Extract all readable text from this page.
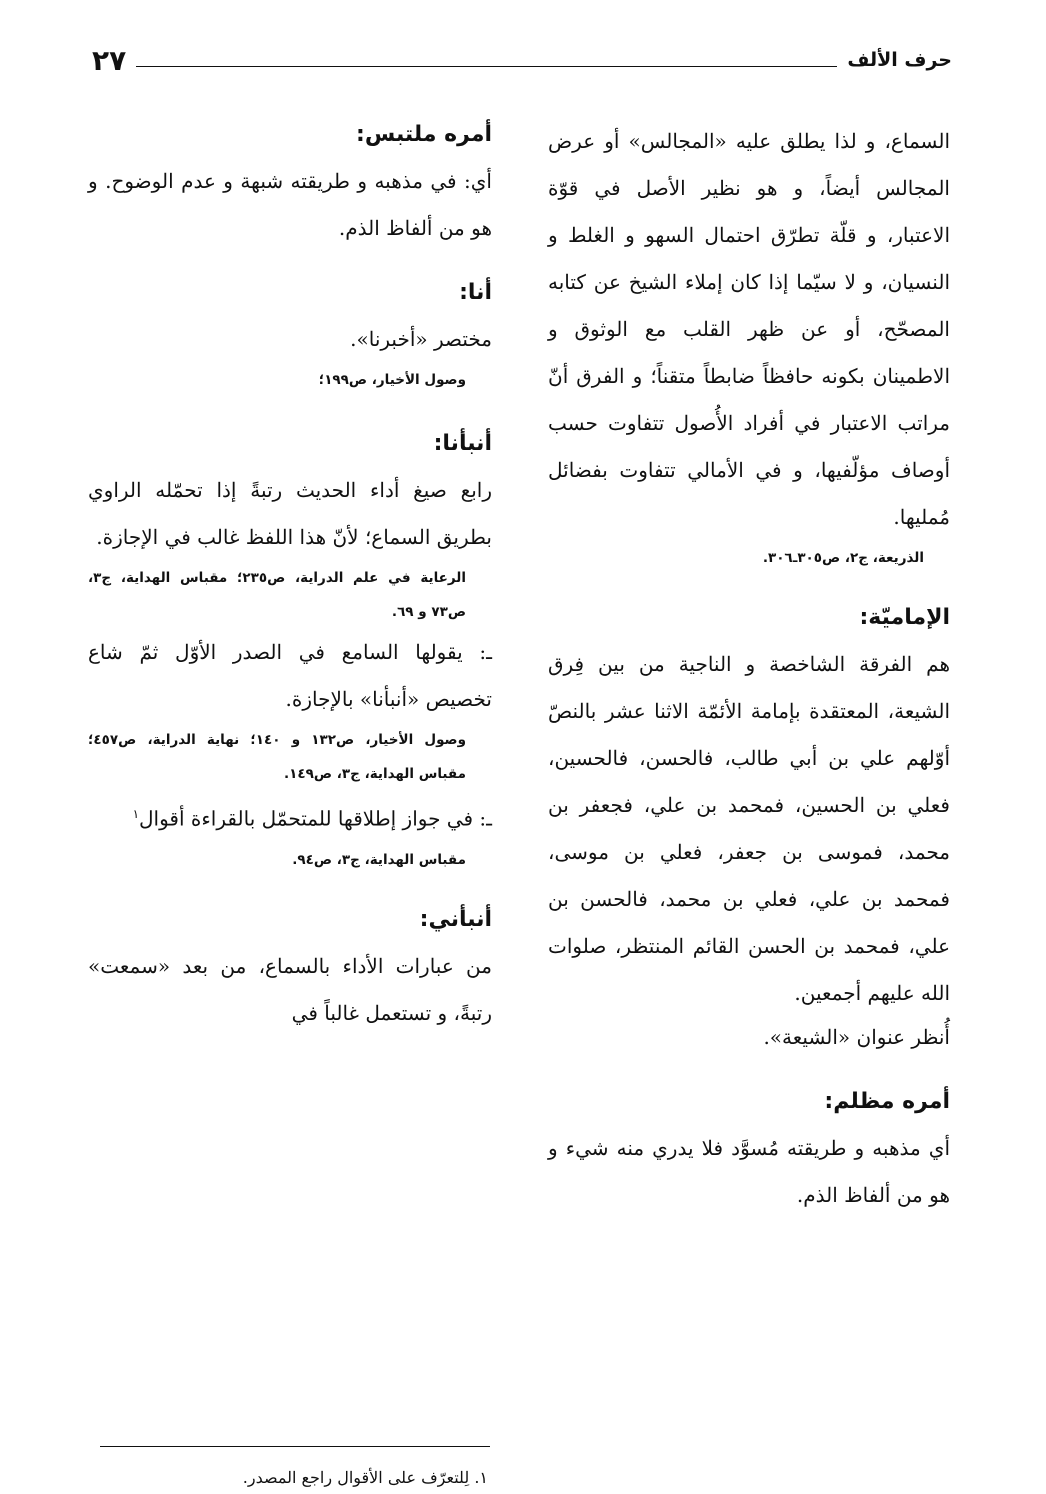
حرف الألف
٢٧

السماع، و لذا يطلق عليه «المجالس» أو عرض المجالس أيضاً، و هو نظير الأصل في قوّة الاعتبار، و قلّة تطرّق احتمال السهو و الغلط و النسيان، و لا سيّما إذا كان إملاء الشيخ عن كتابه المصحّح، أو عن ظهر القلب مع الوثوق و الاطمينان بكونه حافظاً ضابطاً متقناً؛ و الفرق أنّ مراتب الاعتبار في أفراد الأُصول تتفاوت حسب أوصاف مؤلّفيها، و في الأمالي تتفاوت بفضائل مُمليها.

الذريعة، ج٢، ص٣٠٥ـ٣٠٦.

الإماميّة:

هم الفرقة الشاخصة و الناجية من بين فِرق الشيعة، المعتقدة بإمامة الأئمّة الاثنا عشر بالنصّ أوّلهم علي بن أبي طالب، فالحسن، فالحسين، فعلي بن الحسين، فمحمد بن علي، فجعفر بن محمد، فموسى بن جعفر، فعلي بن موسى، فمحمد بن علي، فعلي بن محمد، فالحسن بن علي، فمحمد بن الحسن القائم المنتظر، صلوات الله عليهم أجمعين.

أُنظر عنوان «الشيعة».

أمره مظلم:

أي مذهبه و طريقته مُسوَّد فلا يدري منه شيء و هو من ألفاظ الذم.

أمره ملتبس:

أي: في مذهبه و طريقته شبهة و عدم الوضوح. و هو من ألفاظ الذم.

أنا:

مختصر «أخبرنا».

وصول الأخيار، ص١٩٩؛

أنبأنا:

رابع صيغ أداء الحديث رتبةً إذا تحمّله الراوي بطريق السماع؛ لأنّ هذا اللفظ غالب في الإجازة.

الرعاية في علم الدراية، ص٢٣٥؛ مقباس الهداية، ج٣، ص٧٣ و ٦٩.

ـ: يقولها السامع في الصدر الأوّل ثمّ شاع تخصيص «أنبأنا» بالإجازة.

وصول الأخيار، ص١٣٢ و ١٤٠؛ نهاية الدراية، ص٤٥٧؛ مقباس الهداية، ج٣، ص١٤٩.

ـ: في جواز إطلاقها للمتحمّل بالقراءة أقوال$^١$

مقباس الهداية، ج٣، ص٩٤.

أنبأني:

من عبارات الأداء بالسماع، من بعد «سمعت» رتبةً، و تستعمل غالباً في

١. لِلتعرّف على الأقوال راجع المصدر.
